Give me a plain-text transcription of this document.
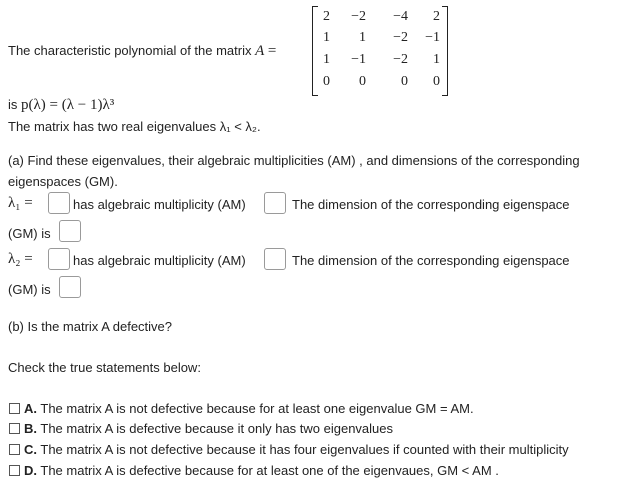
The characteristic polynomial of the matrix A =
2	−2	−4	2
1	1	−2	−1
1	−1	−2	1
0	0	0	0
is p(λ) = (λ − 1)λ³
The matrix has two real eigenvalues λ₁ < λ₂.
(a) Find these eigenvalues, their algebraic multiplicities (AM) , and dimensions of the corresponding
eigenspaces (GM).
λ₁ =	has algebraic multiplicity (AM)	The dimension of the corresponding eigenspace
(GM) is
λ₂ =	has algebraic multiplicity (AM)	The dimension of the corresponding eigenspace
(GM) is
(b) Is the matrix A defective?
Check the true statements below:
A. The matrix A is not defective because for at least one eigenvalue GM = AM.
B. The matrix A is defective because it only has two eigenvalues
C. The matrix A is not defective because it has four eigenvalues if counted with their multiplicity
D. The matrix A is defective because for at least one of the eigenvaues, GM < AM .
